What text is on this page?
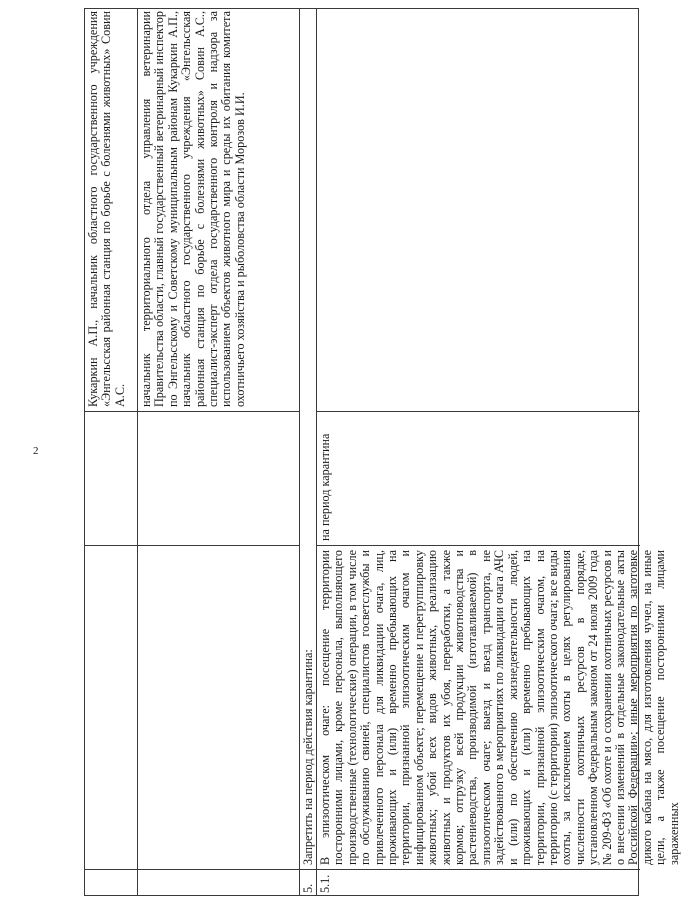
2

Кукаркин А.П., начальник областного государственного учреждения «Энгельсская районная станция по борьбе с болезнями животных» Совин А.С. начальник территориального отдела управления ветеринарии Правительства области, главный государственный ветеринарный инспектор по Энгельсскому и Советскому муниципальным районам Кукаркин А.П., начальник областного государственного учреждения «Энгельсская районная станция по борьбе с болезнями животных» Совин А.С., специалист-эксперт отдела государственного контроля и надзора за использованием объектов животного мира и среды их обитания комитета охотничьего хозяйства и рыболовства области Морозов И.И.

5.
Запретить на период действия карантина:
5.1.

В эпизоотическом очаге: посещение территории посторонними лицами, кроме персонала, выполняющего производственные (технологические) операции, в том числе по обслуживанию свиней, специалистов госветслужбы и привлеченного персонала для ликвидации очага, лиц, проживающих и (или) временно пребывающих на территории, признанной эпизоотическим очагом и инфицированном объекте; перемещение и перегруппировку животных; убой всех видов животных, реализацию животных и продуктов их убоя, переработки, а также кормов; отгрузку всей продукции животноводства и растениеводства, производимой (изготавливаемой) в эпизоотическом очаге; выезд и въезд транспорта, не задействованного в мероприятиях по ликвидации очага АЧС и (или) по обеспечению жизнедеятельности людей, проживающих и (или) временно пребывающих на территории, признанной эпизоотическим очагом, на территорию (с территории) эпизоотического очага; все виды охоты, за исключением охоты в целях регулирования численности охотничьих ресурсов в порядке, установленном Федеральным законом от 24 июля 2009 года № 209-ФЗ «Об охоте и о сохранении охотничьих ресурсов и о внесении изменений в отдельные законодательные акты Российской Федерации»; иные мероприятия по заготовке дикого кабана на мясо, для изготовления чучел, на иные цели, а также посещение посторонними лицами зараженных

на период карантина
